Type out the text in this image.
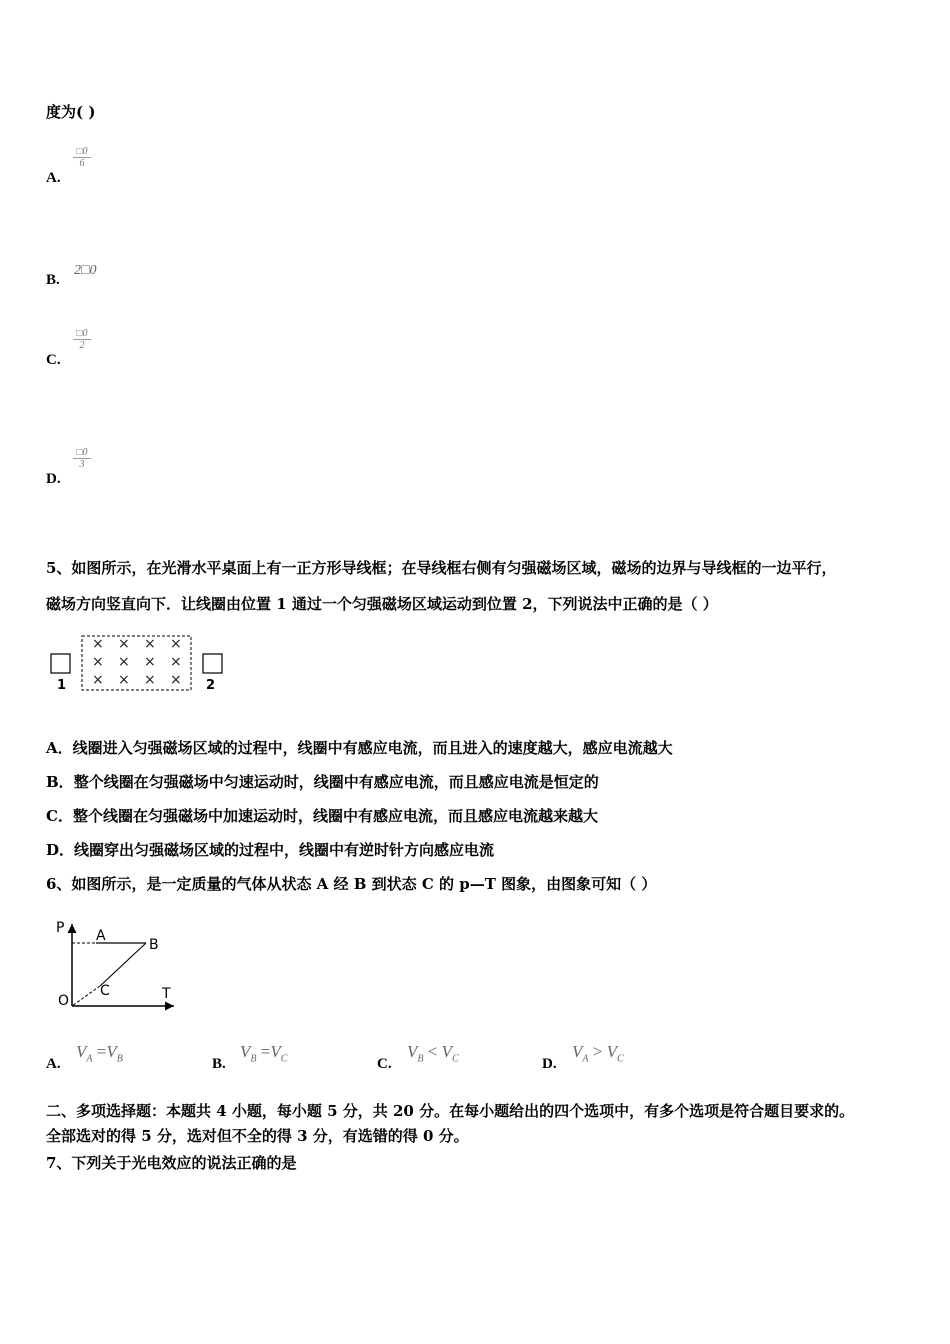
度为( )
A.
$\frac{□0}{6}$
B.
2□0
C.
$\frac{□0}{2}$
D.
$\frac{□0}{3}$
5、如图所示，在光滑水平桌面上有一正方形导线框；在导线框右侧有匀强磁场区域，磁场的边界与导线框的一边平行，
磁场方向竖直向下．让线圈由位置 1 通过一个匀强磁场区域运动到位置 2，下列说法中正确的是（ ）
1
× × × ×
× × × ×
× × × × 2
A．线圈进入匀强磁场区域的过程中，线圈中有感应电流，而且进入的速度越大，感应电流越大
B．整个线圈在匀强磁场中匀速运动时，线圈中有感应电流，而且感应电流是恒定的
C．整个线圈在匀强磁场中加速运动时，线圈中有感应电流，而且感应电流越来越大
D．线圈穿出匀强磁场区域的过程中，线圈中有逆时针方向感应电流
6、如图所示，是一定质量的气体从状态 A 经 B 到状态 C 的 p—T 图象，由图象可知（ ）
P
T
O
A
B
C
A.
$V_A =V_B$	B.
$V_B =V_C$	C.
$V_B < V_C$	D.
$V_A > V_C$
二、多项选择题：本题共 4 小题，每小题 5 分，共 20 分。在每小题给出的四个选项中，有多个选项是符合题目要求的。
全部选对的得 5 分，选对但不全的得 3 分，有选错的得 0 分。
7、下列关于光电效应的说法正确的是
